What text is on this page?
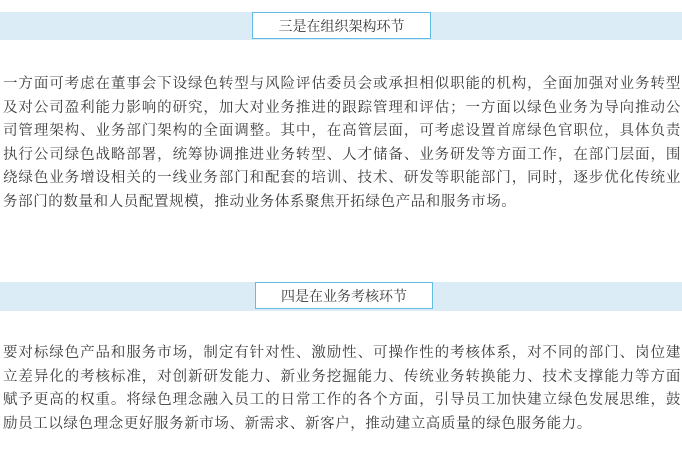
三是在组织架构环节
一方面可考虑在董事会下设绿色转型与风险评估委员会或承担相似职能的机构，全面加强对业务转型及对公司盈利能力影响的研究，加大对业务推进的跟踪管理和评估；一方面以绿色业务为导向推动公司管理架构、业务部门架构的全面调整。其中，在高管层面，可考虑设置首席绿色官职位，具体负责执行公司绿色战略部署，统筹协调推进业务转型、人才储备、业务研发等方面工作，在部门层面，围绕绿色业务增设相关的一线业务部门和配套的培训、技术、研发等职能部门，同时，逐步优化传统业务部门的数量和人员配置规模，推动业务体系聚焦开拓绿色产品和服务市场。
四是在业务考核环节
要对标绿色产品和服务市场，制定有针对性、激励性、可操作性的考核体系，对不同的部门、岗位建立差异化的考核标准，对创新研发能力、新业务挖掘能力、传统业务转换能力、技术支撑能力等方面赋予更高的权重。将绿色理念融入员工的日常工作的各个方面，引导员工加快建立绿色发展思维，鼓励员工以绿色理念更好服务新市场、新需求、新客户，推动建立高质量的绿色服务能力。
